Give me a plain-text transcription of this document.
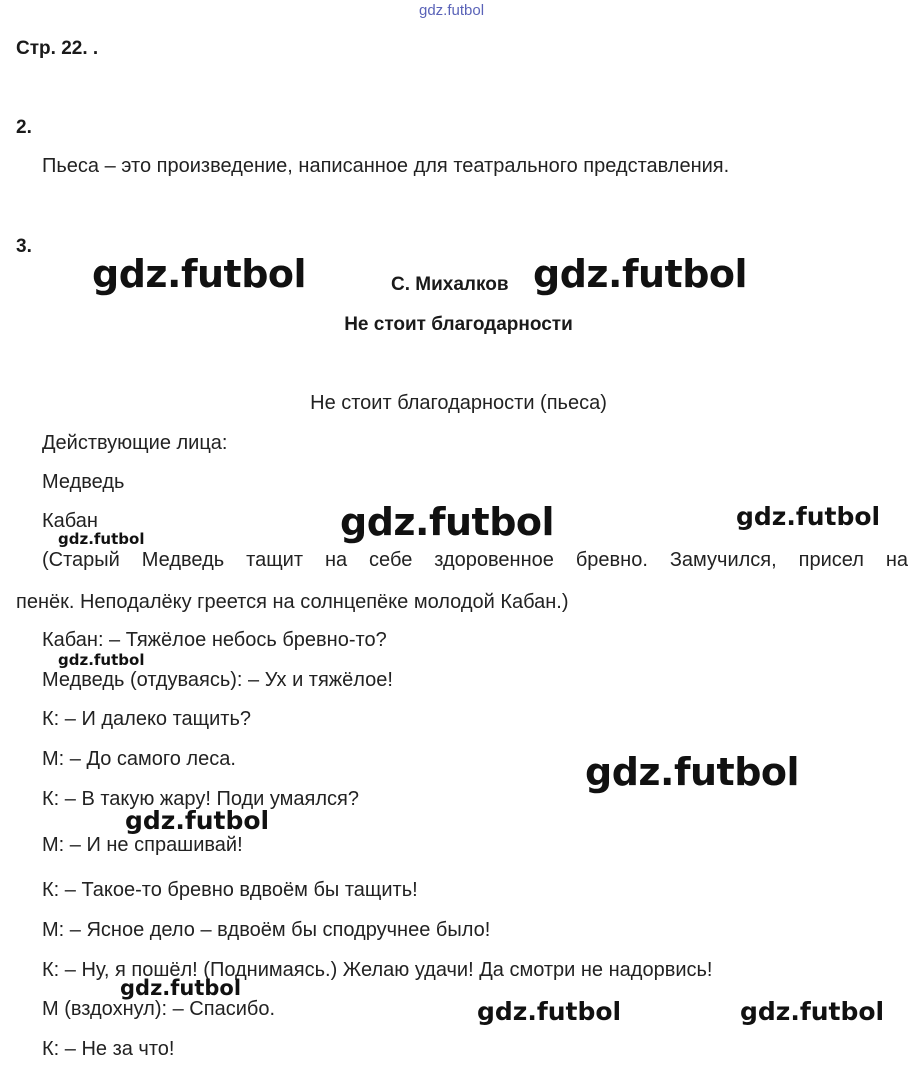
gdz.futbol
Стр. 22. .
2.
Пьеса – это произведение, написанное для театрального представления.
3.
С. Михалков
Не стоит благодарности
Не стоит благодарности (пьеса)
Действующие лица:
Медведь
Кабан
(Старый Медведь тащит на себе здоровенное бревно. Замучился, присел на
пенёк. Неподалёку греется на солнцепёке молодой Кабан.)
Кабан: – Тяжёлое небось бревно-то?
Медведь (отдуваясь): – Ух и тяжёлое!
К: – И далеко тащить?
М: – До самого леса.
К: – В такую жару! Поди умаялся?
М: – И не спрашивай!
К: – Такое-то бревно вдвоём бы тащить!
М: – Ясное дело – вдвоём бы сподручнее было!
К: – Ну, я пошёл! (Поднимаясь.) Желаю удачи! Да смотри не надорвись!
М (вздохнул): – Спасибо.
К: – Не за что!
gdz.futbol	gdz.futbol
gdz.futbol	gdz.futbol
gdz.futbol
gdz.futbol
gdz.futbol
gdz.futbol
gdz.futbol
gdz.futbol	gdz.futbol
